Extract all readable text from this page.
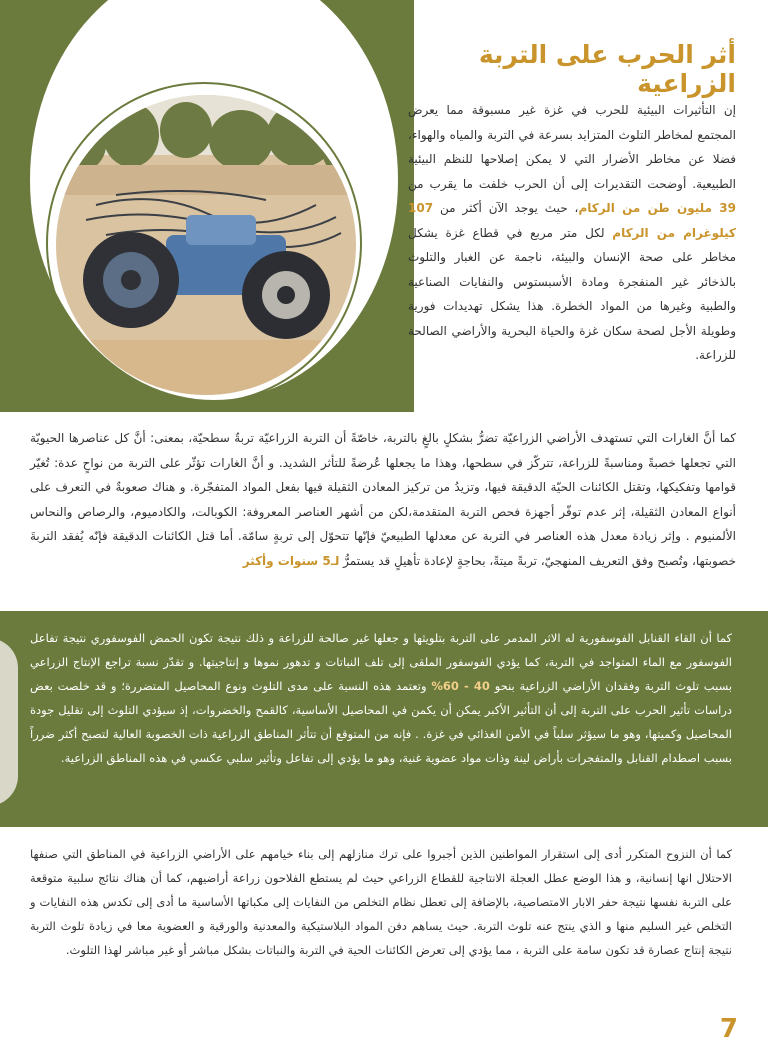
أثر الحرب على التربة الزراعية

إن التأثيرات البيئية للحرب في غزة غير مسبوقة مما يعرض المجتمع لمخاطر التلوث المتزايد بسرعة في التربة والمياه والهواء، فضلا عن مخاطر الأضرار التي لا يمكن إصلاحها للنظم البيئية الطبيعية. أوضحت التقديرات إلى أن الحرب خلفت ما يقرب من 39 مليون طن من الركام، حيث يوجد الآن أكثر من 107 كيلوغرام من الركام لكل متر مربع في قطاع غزة يشكل مخاطر على صحة الإنسان والبيئة، ناجمة عن الغبار والتلوث بالذخائر غير المنفجرة ومادة الأسبستوس والنفايات الصناعية والطبية وغيرها من المواد الخطرة. هذا يشكل تهديدات فورية وطويلة الأجل لصحة سكان غزة والحياة البحرية والأراضي الصالحة للزراعة.

كما أنَّ الغارات التي تستهدف الأراضي الزراعيّة تضرُّ بشكلٍ بالغٍ بالتربة، خاصّةً أن التربة الزراعيّة تربةٌ سطحيّة، بمعنى: أنَّ كل عناصرها الحيويّة التي تجعلها خصبةً ومناسبةً للزراعة، تتركّز في سطحها، وهذا ما يجعلها عُرضةً للتأثر الشديد. و أنَّ الغارات تؤثّر على التربة من نواحٍ عدة: تُغيّر قوامها وتفكيكها، وتقتل الكائنات الحيّة الدقيقة فيها، وتزيدُ من تركيز المعادن الثقيلة فيها بفعل المواد المتفجّرة. و هناك صعوبةٌ في التعرف على أنواع المعادن الثقيلة، إثر عدم توفّر أجهزة فحص التربة المتقدمة،لكن من أشهر العناصر المعروفة: الكوبالت، والكادميوم، والرصاص والنحاس الألمنيوم . وإثر زيادة معدل هذه العناصر في التربة عن معدلها الطبيعيّ فإنّها تتحوّل إلى تربةٍ سامّة. أما قتل الكائنات الدقيقة فإنّه يُفقد التربةَ خصوبتها، وتُصبح وفق التعريف المنهجيّ، تربةً ميتةً، بحاجةٍ لإعادة تأهيلٍ قد يستمرُّ لـ5 سنوات وأكثر

كما أن القاء القنابل الفوسفورية له الاثر المدمر على التربة بتلويثها و جعلها غير صالحة للزراعة و ذلك نتيجة تكون الحمض الفوسفوري نتيجة تفاعل الفوسفور مع الماء المتواجد في التربة، كما يؤدي الفوسفور الملقى إلى تلف النباتات و تدهور نموها و إنتاجيتها. و تقدّر نسبة تراجع الإنتاج الزراعي بسبب تلوث التربة وفقدان الأراضي الزراعية بنحو 40 - 60% وتعتمد هذه النسبة على مدى التلوث ونوع المحاصيل المتضررة؛ و قد خلصت بعض دراسات تأثير الحرب على التربة إلى أن التأثير الأكبر يمكن أن يكمن في المحاصيل الأساسية، كالقمح والخضروات، إذ سيؤدي التلوث إلى تقليل جودة المحاصيل وكميتها، وهو ما سيؤثر سلباً في الأمن الغذائي في غزة. . فإنه من المتوقع أن تتأثر المناطق الزراعية ذات الخصوبة العالية لتصبح أكثر ضرراً بسبب اصطدام القنابل والمتفجرات بأراض لينة وذات مواد عضوية غنية، وهو ما يؤدي إلى تفاعل وتأثير سلبي عكسي في هذه المناطق الزراعية.

كما أن النزوح المتكرر أدى إلى استقرار المواطنين الذين أجبروا على ترك منازلهم إلى بناء خيامهم على الأراضي الزراعية في المناطق التي صنفها الاحتلال انها إنسانية، و هذا الوضع عطل العجلة الانتاجية للقطاع الزراعي حيث لم يستطع الفلاحون زراعة أراضيهم، كما أن هناك نتائج سلبية متوقعة على التربة نفسها نتيجة حفر الابار الامتصاصية، بالإضافة إلى تعطل نظام التخلص من النفايات إلى مكباتها الأساسية ما أدى إلى تكدس هذه النفايات و التخلص غير السليم منها و الذي ينتج عنه تلوث التربة. حيث يساهم دفن المواد البلاستيكية والمعدنية والورقية و العضوية معا في زيادة تلوث التربة نتيجة إنتاج عصارة قد تكون سامة على التربة ، مما يؤدي إلى تعرض الكائنات الحية في التربة والنباتات بشكل مباشر أو غير مباشر لهذا التلوث.

7
